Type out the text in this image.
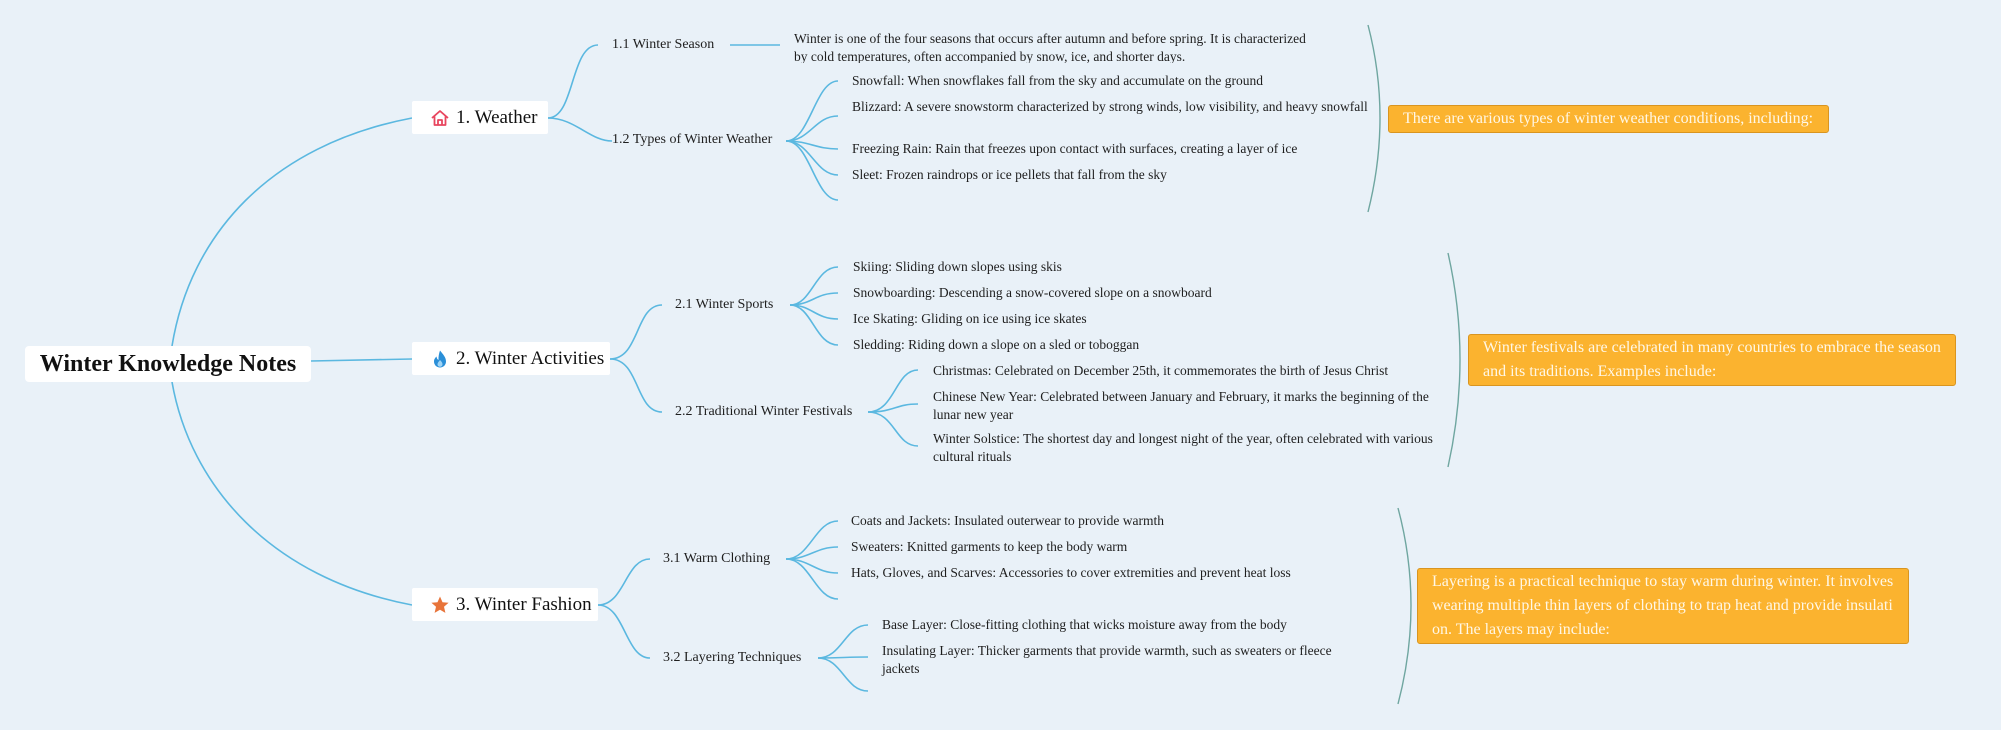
Winter Knowledge Notes
1. Weather
1.1 Winter Season	Winter is one of the four seasons that occurs after autumn and before spring. It is characterized by cold temperatures, often accompanied by snow, ice, and shorter days.
1.2 Types of Winter Weather
Snowfall: When snowflakes fall from the sky and accumulate on the ground
Blizzard: A severe snowstorm characterized by strong winds, low visibility, and heavy snowfall
Freezing Rain: Rain that freezes upon contact with surfaces, creating a layer of ice
Sleet: Frozen raindrops or ice pellets that fall from the sky
There are various types of winter weather conditions, including:
2. Winter Activities
2.1 Winter Sports
Skiing: Sliding down slopes using skis
Snowboarding: Descending a snow-covered slope on a snowboard
Ice Skating: Gliding on ice using ice skates
Sledding: Riding down a slope on a sled or toboggan
2.2 Traditional Winter Festivals
Christmas: Celebrated on December 25th, it commemorates the birth of Jesus Christ
Chinese New Year: Celebrated between January and February, it marks the beginning of the lunar new year
Winter Solstice: The shortest day and longest night of the year, often celebrated with various cultural rituals
Winter festivals are celebrated in many countries to embrace the season and its traditions. Examples include:
3. Winter Fashion
3.1 Warm Clothing
Coats and Jackets: Insulated outerwear to provide warmth
Sweaters: Knitted garments to keep the body warm
Hats, Gloves, and Scarves: Accessories to cover extremities and prevent heat loss
3.2 Layering Techniques
Base Layer: Close-fitting clothing that wicks moisture away from the body
Insulating Layer: Thicker garments that provide warmth, such as sweaters or fleece jackets
Layering is a practical technique to stay warm during winter. It involves wearing multiple thin layers of clothing to trap heat and provide insulati on. The layers may include:
